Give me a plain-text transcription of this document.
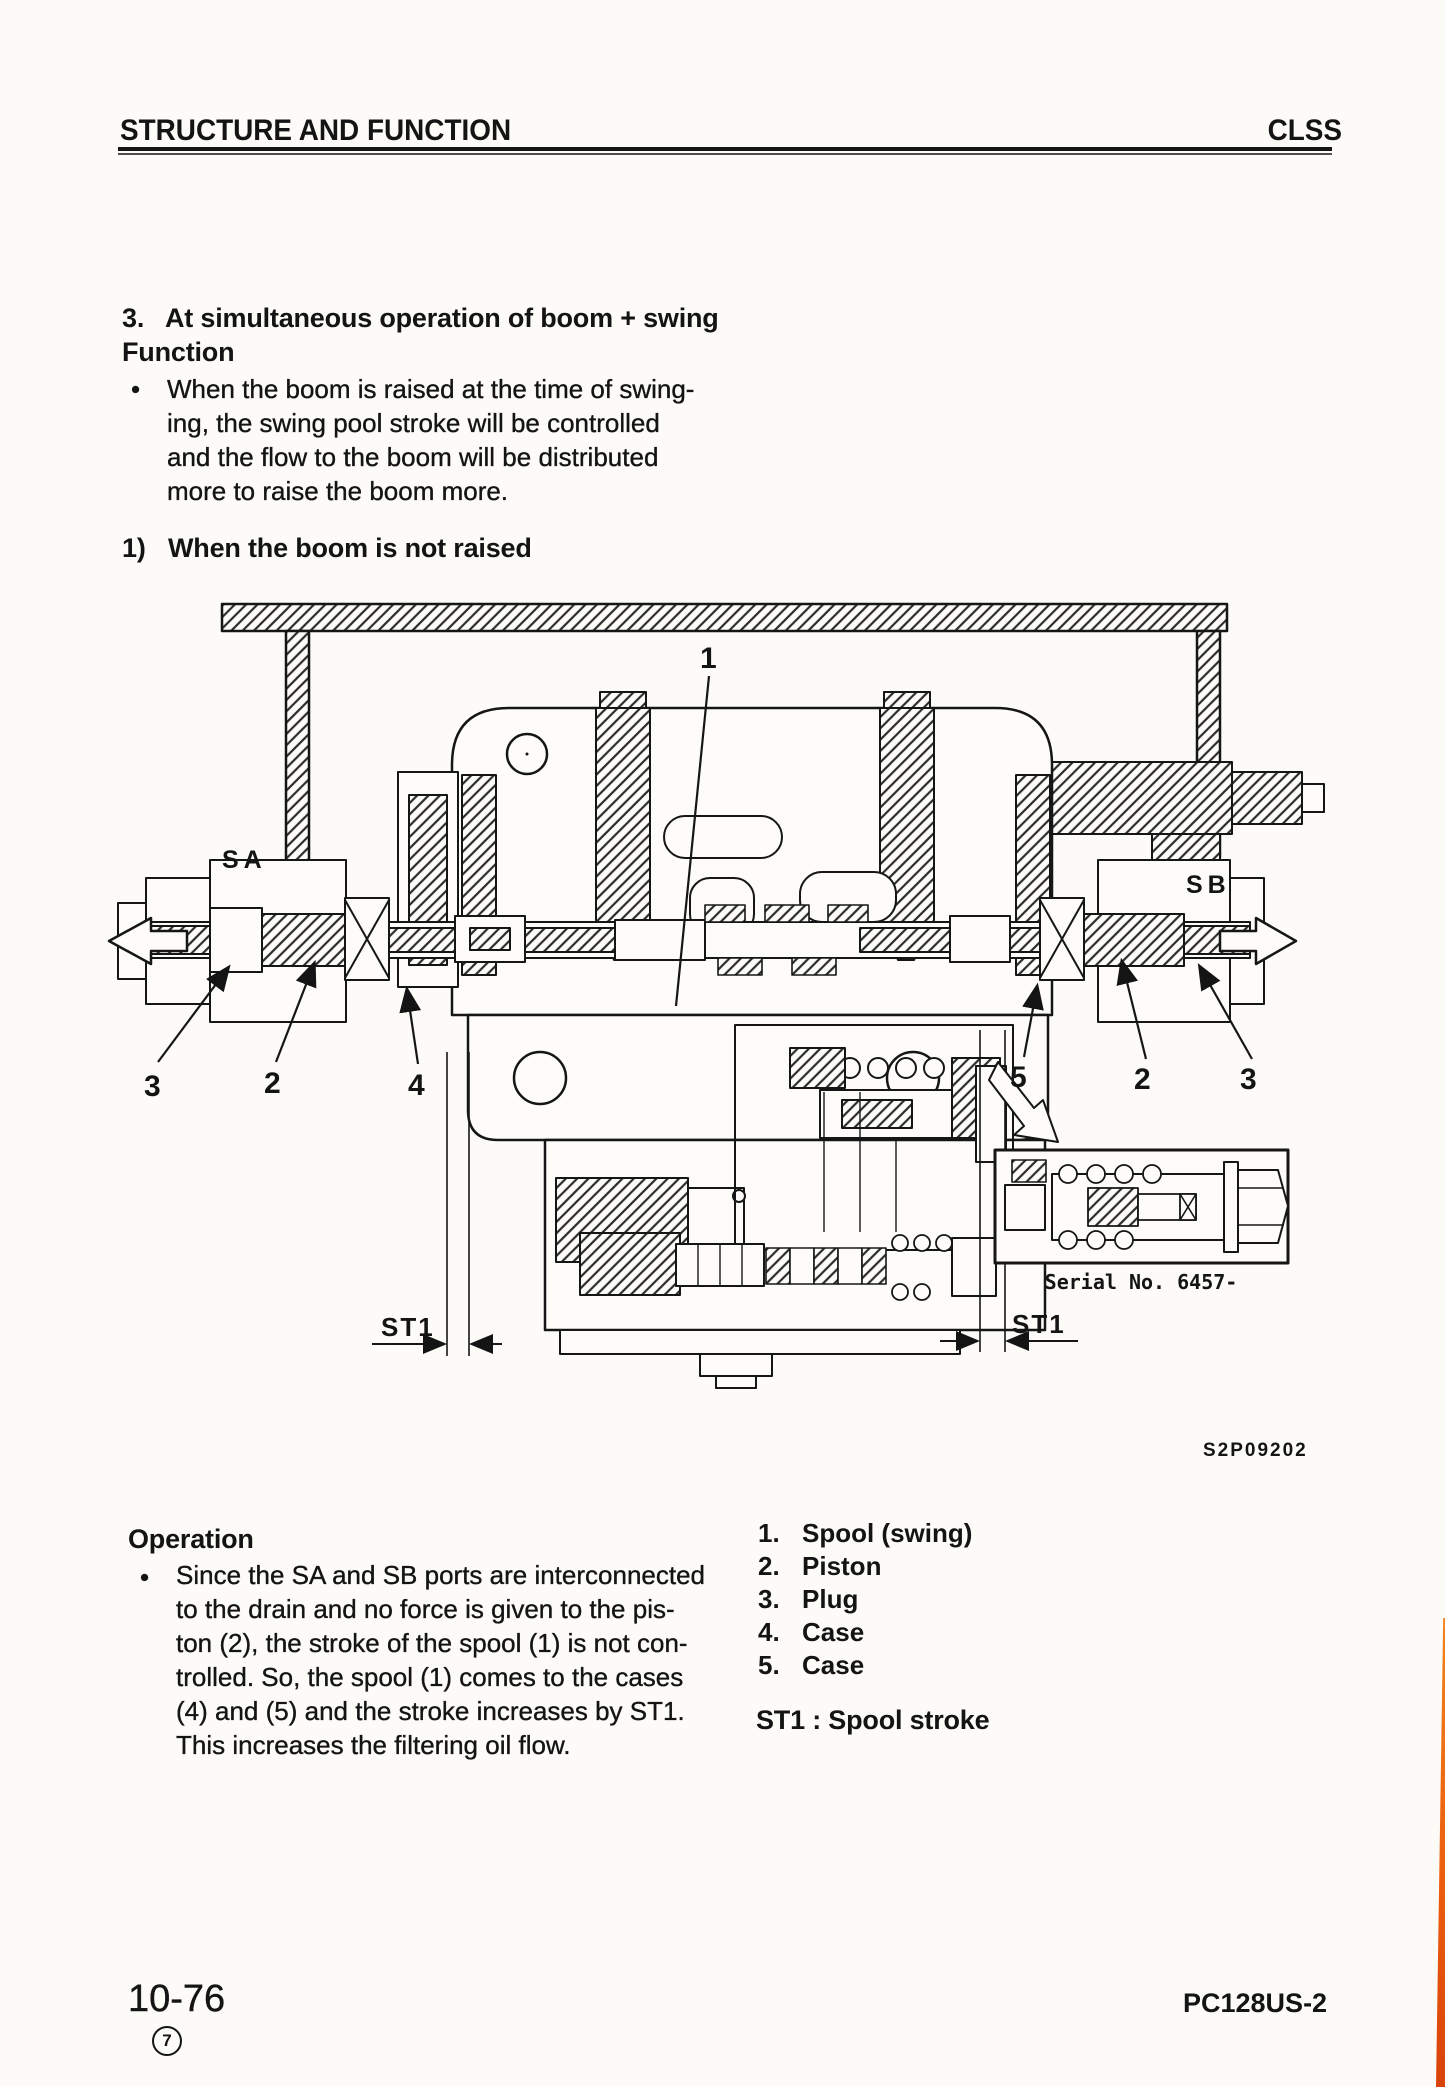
STRUCTURE AND FUNCTION	CLSS
3. At simultaneous operation of boom + swing
Function
• When the boom is raised at the time of swing-
ing, the swing pool stroke will be controlled
and the flow to the boom will be distributed
more to raise the boom more.
1) When the boom is not raised
SA
SB
1
3	2	4	5	2	3
ST1	ST1
Serial No. 6457-
S2P09202
Operation
• Since the SA and SB ports are interconnected
to the drain and no force is given to the pis-
ton (2), the stroke of the spool (1) is not con-
trolled. So, the spool (1) comes to the cases
(4) and (5) and the stroke increases by ST1.
This increases the filtering oil flow.
1. Spool (swing)
2. Piston
3. Plug
4. Case
5. Case
ST1 : Spool stroke
10-76
7
PC128US-2
